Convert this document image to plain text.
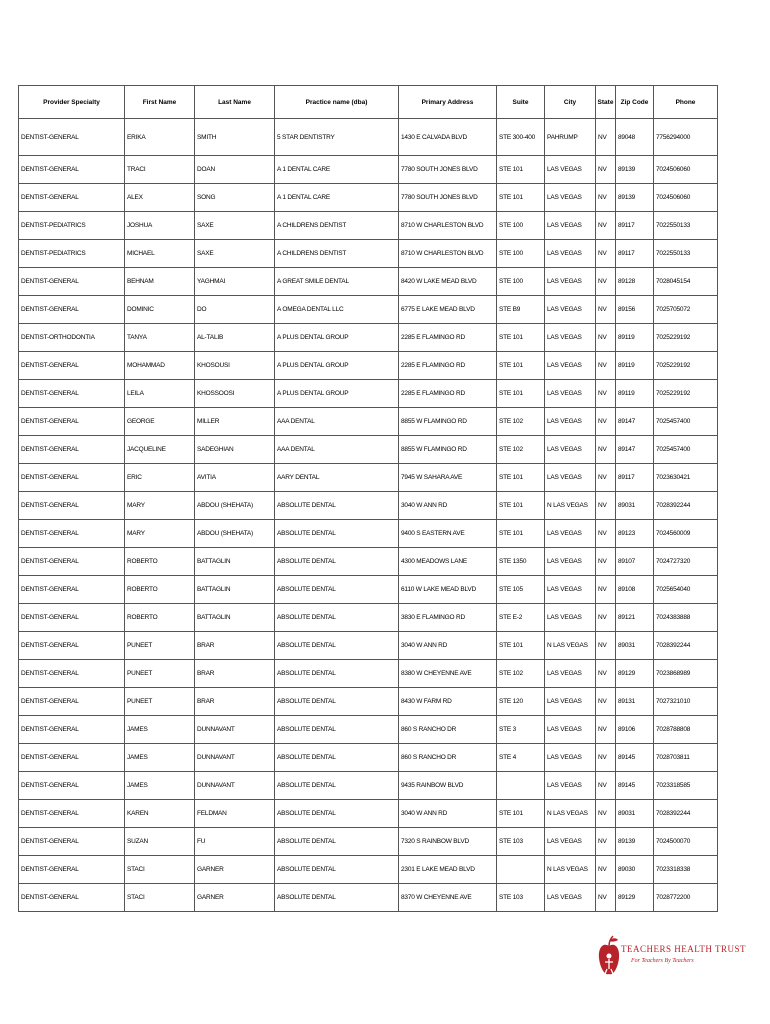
Provider Specialty	First Name	Last Name	Practice name (dba)	Primary Address	Suite	City	State	Zip Code	Phone
DENTIST-GENERAL	ERIKA	SMITH	5 STAR DENTISTRY	1430 E CALVADA BLVD	STE 300-400	PAHRUMP	NV	89048	7756294000
DENTIST-GENERAL	TRACI	DOAN	A 1 DENTAL CARE	7780 SOUTH JONES BLVD	STE 101	LAS VEGAS	NV	89139	7024506060
DENTIST-GENERAL	ALEX	SONG	A 1 DENTAL CARE	7780 SOUTH JONES BLVD	STE 101	LAS VEGAS	NV	89139	7024506060
DENTIST-PEDIATRICS	JOSHUA	SAXE	A CHILDRENS DENTIST	8710 W CHARLESTON BLVD	STE 100	LAS VEGAS	NV	89117	7022550133
DENTIST-PEDIATRICS	MICHAEL	SAXE	A CHILDRENS DENTIST	8710 W CHARLESTON BLVD	STE 100	LAS VEGAS	NV	89117	7022550133
DENTIST-GENERAL	BEHNAM	YAGHMAI	A GREAT SMILE DENTAL	8420 W LAKE MEAD BLVD	STE 100	LAS VEGAS	NV	89128	7028045154
DENTIST-GENERAL	DOMINIC	DO	A OMEGA DENTAL LLC	6775 E LAKE MEAD BLVD	STE B9	LAS VEGAS	NV	89156	7025705072
DENTIST-ORTHODONTIA	TANYA	AL-TALIB	A PLUS DENTAL GROUP	2285 E FLAMINGO RD	STE 101	LAS VEGAS	NV	89119	7025229192
DENTIST-GENERAL	MOHAMMAD	KHOSOUSI	A PLUS DENTAL GROUP	2285 E FLAMINGO RD	STE 101	LAS VEGAS	NV	89119	7025229192
DENTIST-GENERAL	LEILA	KHOSSOOSI	A PLUS DENTAL GROUP	2285 E FLAMINGO RD	STE 101	LAS VEGAS	NV	89119	7025229192
DENTIST-GENERAL	GEORGE	MILLER	AAA DENTAL	8855 W FLAMINGO RD	STE 102	LAS VEGAS	NV	89147	7025457400
DENTIST-GENERAL	JACQUELINE	SADEGHIAN	AAA DENTAL	8855 W FLAMINGO RD	STE 102	LAS VEGAS	NV	89147	7025457400
DENTIST-GENERAL	ERIC	AVITIA	AARY DENTAL	7945 W SAHARA AVE	STE 101	LAS VEGAS	NV	89117	7023630421
DENTIST-GENERAL	MARY	ABDOU (SHEHATA)	ABSOLUTE DENTAL	3040 W ANN RD	STE 101	N LAS VEGAS	NV	89031	7028392244
DENTIST-GENERAL	MARY	ABDOU (SHEHATA)	ABSOLUTE DENTAL	9400 S EASTERN AVE	STE 101	LAS VEGAS	NV	89123	7024560009
DENTIST-GENERAL	ROBERTO	BATTAGLIN	ABSOLUTE DENTAL	4300 MEADOWS LANE	STE 1350	LAS VEGAS	NV	89107	7024727320
DENTIST-GENERAL	ROBERTO	BATTAGLIN	ABSOLUTE DENTAL	6110 W LAKE MEAD BLVD	STE 105	LAS VEGAS	NV	89108	7025654040
DENTIST-GENERAL	ROBERTO	BATTAGLIN	ABSOLUTE DENTAL	3830 E FLAMINGO RD	STE E-2	LAS VEGAS	NV	89121	7024383888
DENTIST-GENERAL	PUNEET	BRAR	ABSOLUTE DENTAL	3040 W ANN RD	STE 101	N LAS VEGAS	NV	89031	7028392244
DENTIST-GENERAL	PUNEET	BRAR	ABSOLUTE DENTAL	8380 W CHEYENNE AVE	STE 102	LAS VEGAS	NV	89129	7023868989
DENTIST-GENERAL	PUNEET	BRAR	ABSOLUTE DENTAL	8430 W FARM RD	STE 120	LAS VEGAS	NV	89131	7027321010
DENTIST-GENERAL	JAMES	DUNNAVANT	ABSOLUTE DENTAL	860 S RANCHO DR	STE 3	LAS VEGAS	NV	89106	7028788808
DENTIST-GENERAL	JAMES	DUNNAVANT	ABSOLUTE DENTAL	860 S RANCHO DR	STE 4	LAS VEGAS	NV	89145	7028703811
DENTIST-GENERAL	JAMES	DUNNAVANT	ABSOLUTE DENTAL	9435 RAINBOW BLVD		LAS VEGAS	NV	89145	7023318585
DENTIST-GENERAL	KAREN	FELDMAN	ABSOLUTE DENTAL	3040 W ANN RD	STE 101	N LAS VEGAS	NV	89031	7028392244
DENTIST-GENERAL	SUZAN	FU	ABSOLUTE DENTAL	7320 S RAINBOW BLVD	STE 103	LAS VEGAS	NV	89139	7024500070
DENTIST-GENERAL	STACI	GARNER	ABSOLUTE DENTAL	2301 E LAKE MEAD BLVD		N LAS VEGAS	NV	89030	7023318338
DENTIST-GENERAL	STACI	GARNER	ABSOLUTE DENTAL	8370 W CHEYENNE AVE	STE 103	LAS VEGAS	NV	89129	7028772200
TEACHERS HEALTH TRUST
For Teachers By Teachers
